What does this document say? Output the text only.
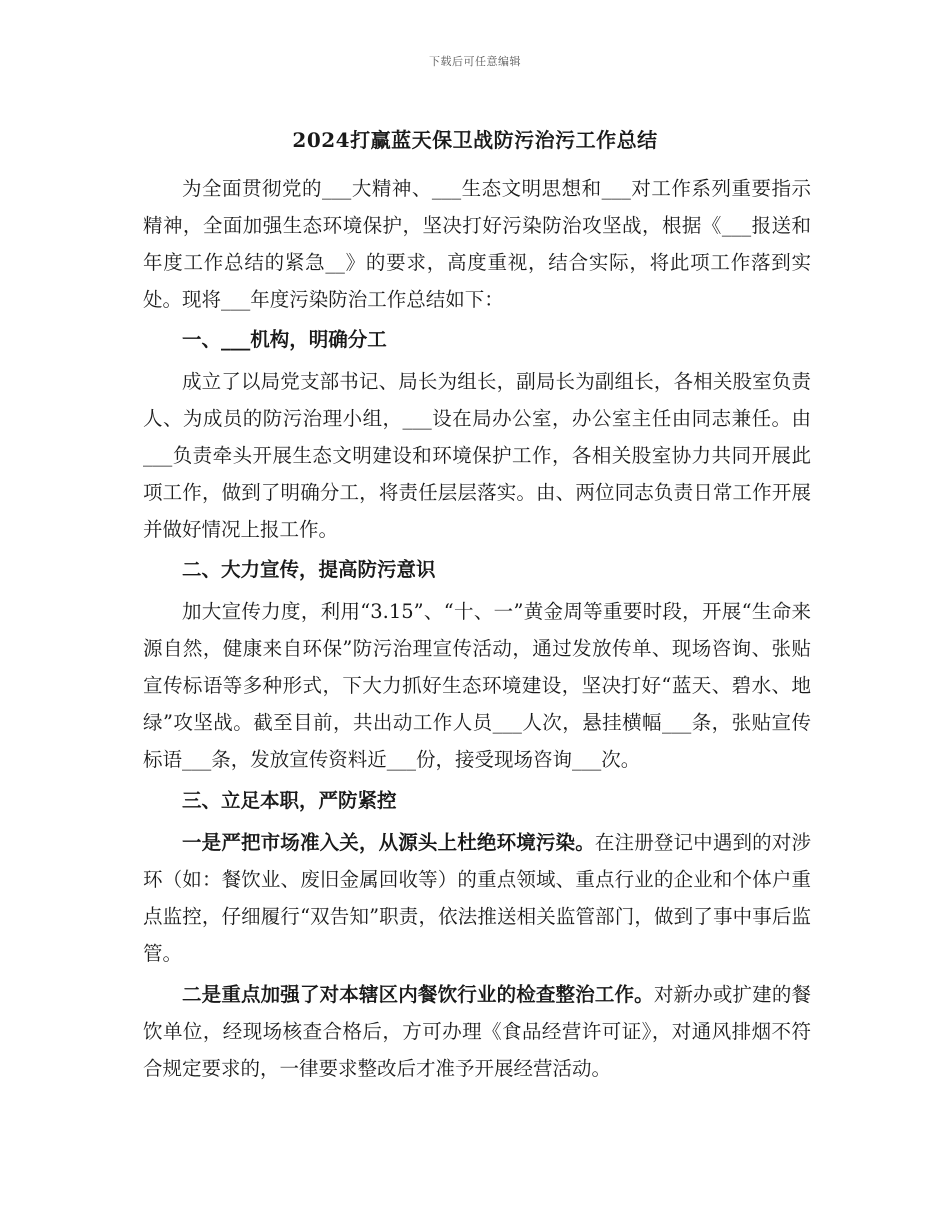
下载后可任意编辑
2024打赢蓝天保卫战防污治污工作总结

为全面贯彻党的___大精神、___生态文明思想和___对工作系列重要指示精神，全面加强生态环境保护，坚决打好污染防治攻坚战，根据《___报送和年度工作总结的紧急__》的要求，高度重视，结合实际，将此项工作落到实处。现将___年度污染防治工作总结如下：

一、___机构，明确分工

成立了以局党支部书记、局长为组长，副局长为副组长，各相关股室负责人、为成员的防污治理小组，___设在局办公室，办公室主任由同志兼任。由___负责牵头开展生态文明建设和环境保护工作，各相关股室协力共同开展此项工作，做到了明确分工，将责任层层落实。由、两位同志负责日常工作开展并做好情况上报工作。

二、大力宣传，提高防污意识

加大宣传力度，利用“3.15”、“十、一”黄金周等重要时段，开展“生命来源自然，健康来自环保”防污治理宣传活动，通过发放传单、现场咨询、张贴宣传标语等多种形式，下大力抓好生态环境建设，坚决打好“蓝天、碧水、地绿”攻坚战。截至目前，共出动工作人员___人次，悬挂横幅___条，张贴宣传标语___条，发放宣传资料近___份，接受现场咨询___次。

三、立足本职，严防紧控

一是严把市场准入关，从源头上杜绝环境污染。在注册登记中遇到的对涉环（如：餐饮业、废旧金属回收等）的重点领域、重点行业的企业和个体户重点监控，仔细履行“双告知”职责，依法推送相关监管部门，做到了事中事后监管。

二是重点加强了对本辖区内餐饮行业的检查整治工作。对新办或扩建的餐饮单位，经现场核查合格后，方可办理《食品经营许可证》，对通风排烟不符合规定要求的，一律要求整改后才准予开展经营活动。
